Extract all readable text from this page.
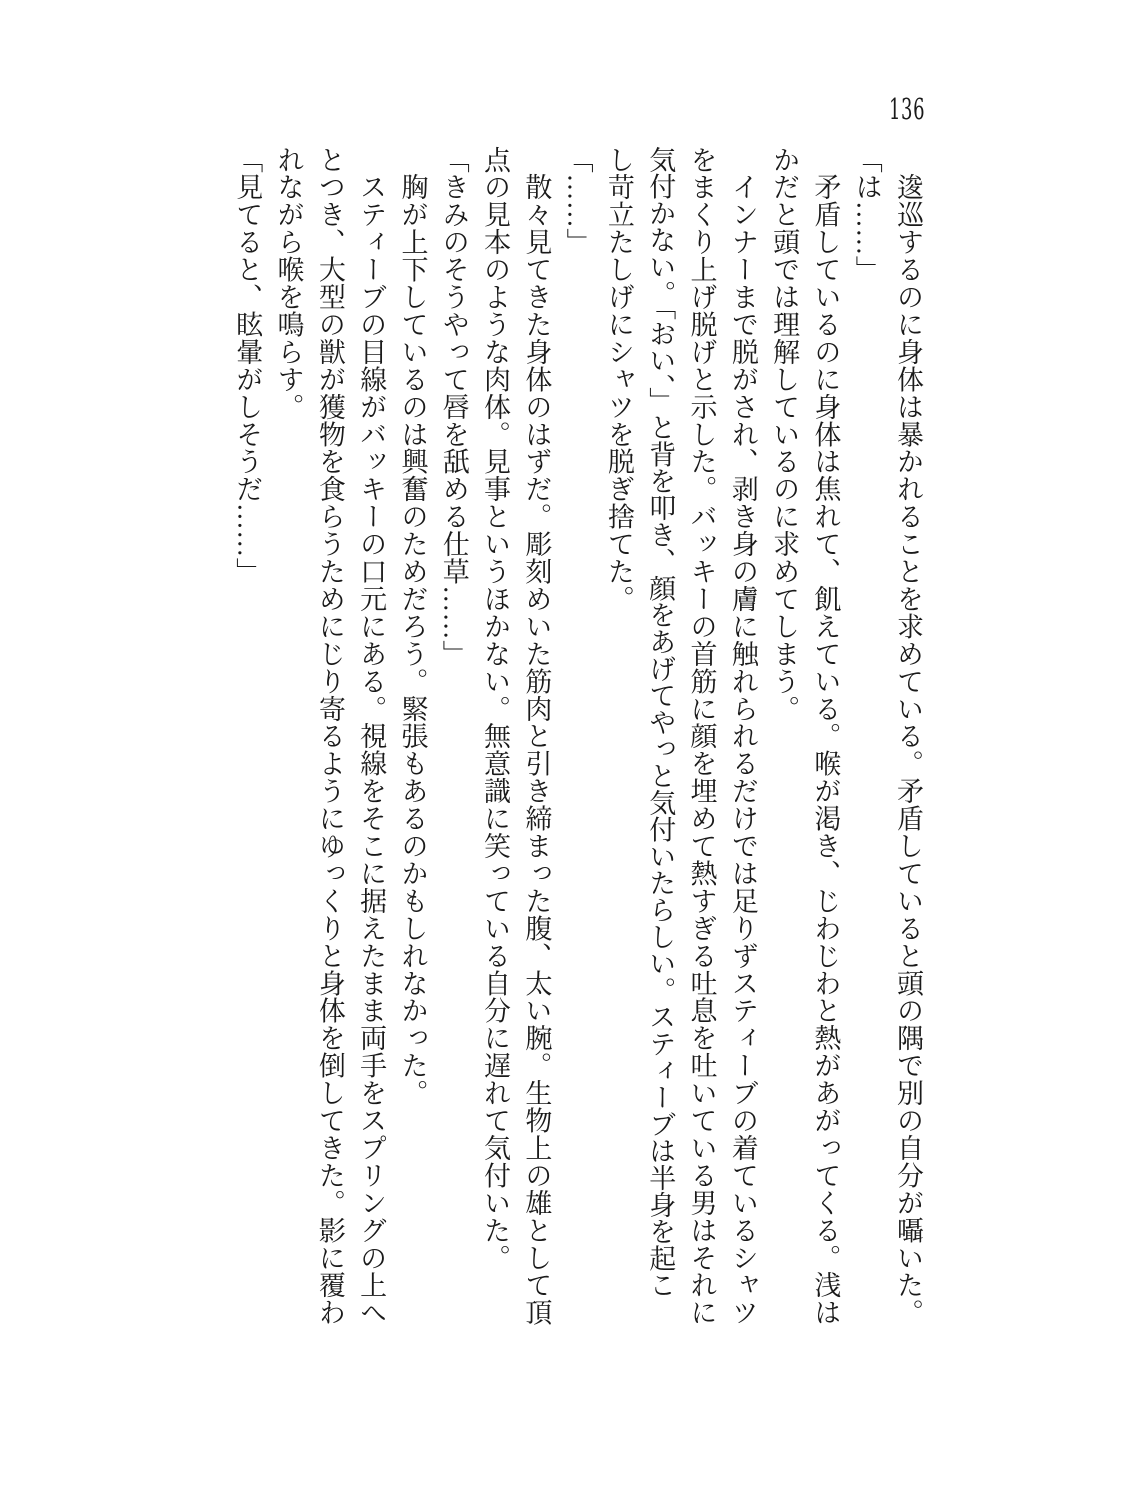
136
　逡巡するのに身体は暴かれることを求めている。矛盾していると頭の隅で別の自分が囁いた。
「は……」
　矛盾しているのに身体は焦れて、飢えている。喉が渇き、じわじわと熱があがってくる。浅は
かだと頭では理解しているのに求めてしまう。
　インナーまで脱がされ、剥き身の膚に触れられるだけでは足りずスティーブの着ているシャツ
をまくり上げ脱げと示した。バッキーの首筋に顔を埋めて熱すぎる吐息を吐いている男はそれに
気付かない。「おい、」と背を叩き、顔をあげてやっと気付いたらしい。スティーブは半身を起こ
し苛立たしげにシャツを脱ぎ捨てた。
「……」
　散々見てきた身体のはずだ。彫刻めいた筋肉と引き締まった腹、太い腕。生物上の雄として頂
点の見本のような肉体。見事というほかない。無意識に笑っている自分に遅れて気付いた。
「きみのそうやって唇を舐める仕草……」
　胸が上下しているのは興奮のためだろう。緊張もあるのかもしれなかった。
　スティーブの目線がバッキーの口元にある。視線をそこに据えたまま両手をスプリングの上へ
とつき、大型の獣が獲物を食らうためにじり寄るようにゆっくりと身体を倒してきた。影に覆わ
れながら喉を鳴らす。
「見てると、眩暈がしそうだ……」
